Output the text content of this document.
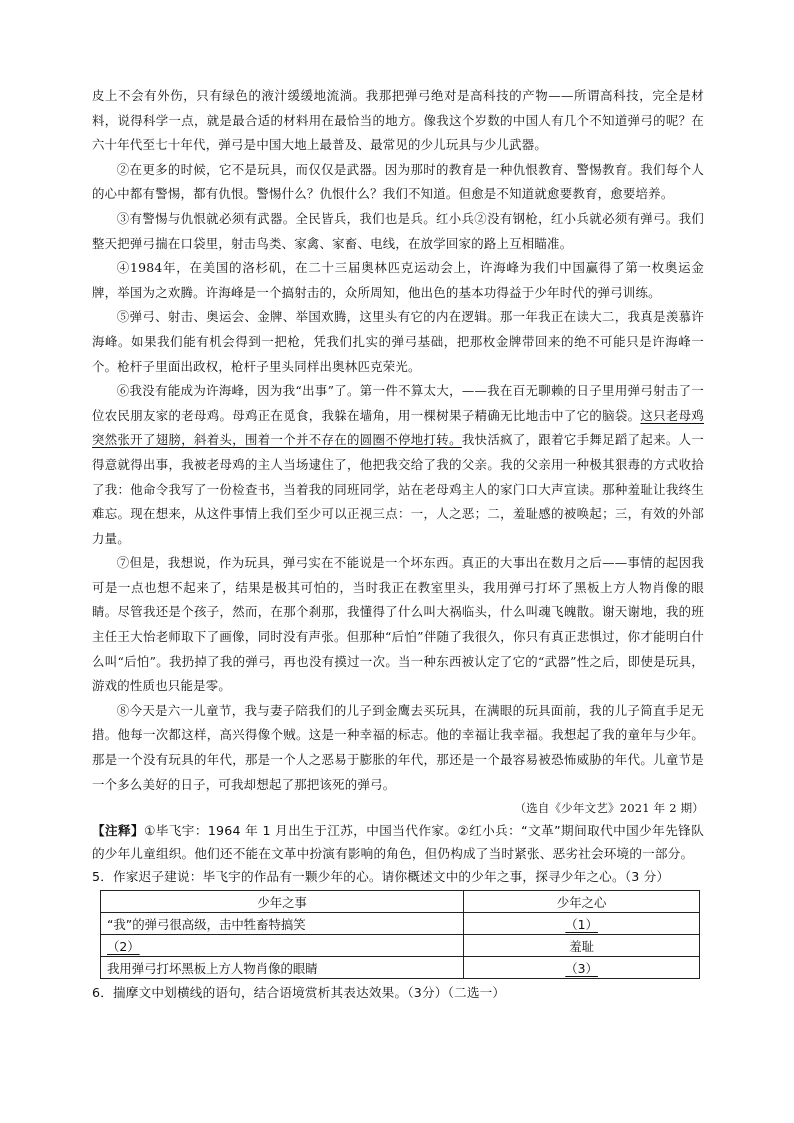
皮上不会有外伤，只有绿色的液汁缓缓地流淌。我那把弹弓绝对是高科技的产物——所谓高科技，完全是材料，说得科学一点，就是最合适的材料用在最恰当的地方。像我这个岁数的中国人有几个不知道弹弓的呢？在六十年代至七十年代，弹弓是中国大地上最普及、最常见的少儿玩具与少儿武器。

②在更多的时候，它不是玩具，而仅仅是武器。因为那时的教育是一种仇恨教育、警惕教育。我们每个人的心中都有警惕，都有仇恨。警惕什么？仇恨什么？我们不知道。但愈是不知道就愈要教育，愈要培养。

③有警惕与仇恨就必须有武器。全民皆兵，我们也是兵。红小兵②没有钢枪，红小兵就必须有弹弓。我们整天把弹弓揣在口袋里，射击鸟类、家禽、家畜、电线，在放学回家的路上互相瞄准。

④1984年，在美国的洛杉矶，在二十三届奥林匹克运动会上，许海峰为我们中国赢得了第一枚奥运金牌，举国为之欢腾。许海峰是一个搞射击的，众所周知，他出色的基本功得益于少年时代的弹弓训练。

⑤弹弓、射击、奥运会、金牌、举国欢腾，这里头有它的内在逻辑。那一年我正在读大二，我真是羡慕许海峰。如果我们能有机会得到一把枪，凭我们扎实的弹弓基础，把那枚金牌带回来的绝不可能只是许海峰一个。枪杆子里面出政权，枪杆子里头同样出奥林匹克荣光。

⑥我没有能成为许海峰，因为我“出事”了。第一件不算太大，——我在百无聊赖的日子里用弹弓射击了一位农民朋友家的老母鸡。母鸡正在觅食，我躲在墙角，用一棵树果子精确无比地击中了它的脑袋。这只老母鸡突然张开了翅膀，斜着头，围着一个并不存在的圆圈不停地打转。我快活疯了，跟着它手舞足蹈了起来。人一得意就得出事，我被老母鸡的主人当场逮住了，他把我交给了我的父亲。我的父亲用一种极其狠毒的方式收拾了我：他命令我写了一份检查书，当着我的同班同学，站在老母鸡主人的家门口大声宣读。那种羞耻让我终生难忘。现在想来，从这件事情上我们至少可以正视三点：一，人之恶；二，羞耻感的被唤起；三，有效的外部力量。

⑦但是，我想说，作为玩具，弹弓实在不能说是一个坏东西。真正的大事出在数月之后——事情的起因我可是一点也想不起来了，结果是极其可怕的，当时我正在教室里头，我用弹弓打坏了黑板上方人物肖像的眼睛。尽管我还是个孩子，然而，在那个刹那，我懂得了什么叫大祸临头，什么叫魂飞魄散。谢天谢地，我的班主任王大怡老师取下了画像，同时没有声张。但那种“后怕”伴随了我很久，你只有真正悲惧过，你才能明白什么叫“后怕”。我扔掉了我的弹弓，再也没有摸过一次。当一种东西被认定了它的“武器”性之后，即使是玩具，游戏的性质也只能是零。

⑧今天是六一儿童节，我与妻子陪我们的儿子到金鹰去买玩具，在满眼的玩具面前，我的儿子简直手足无措。他每一次都这样，高兴得像个贼。这是一种幸福的标志。他的幸福让我幸福。我想起了我的童年与少年。那是一个没有玩具的年代，那是一个人之恶易于膨胀的年代，那还是一个最容易被恐怖威胁的年代。儿童节是一个多么美好的日子，可我却想起了那把该死的弹弓。

（选自《少年文艺》2021 年 2 期）

【注释】①毕飞宇：1964 年 1 月出生于江苏，中国当代作家。②红小兵：“文革”期间取代中国少年先锋队的少年儿童组织。他们还不能在文革中扮演有影响的角色，但仍构成了当时紧张、恶劣社会环境的一部分。

5．作家迟子建说：毕飞宇的作品有一颗少年的心。请你概述文中的少年之事，探寻少年之心。（3 分）

少年之事	少年之心
“我”的弹弓很高级，击中牲畜特搞笑	（1）
（2）	羞耻
我用弹弓打坏黑板上方人物肖像的眼睛	（3）

6．揣摩文中划横线的语句，结合语境赏析其表达效果。（3分）（二选一）
